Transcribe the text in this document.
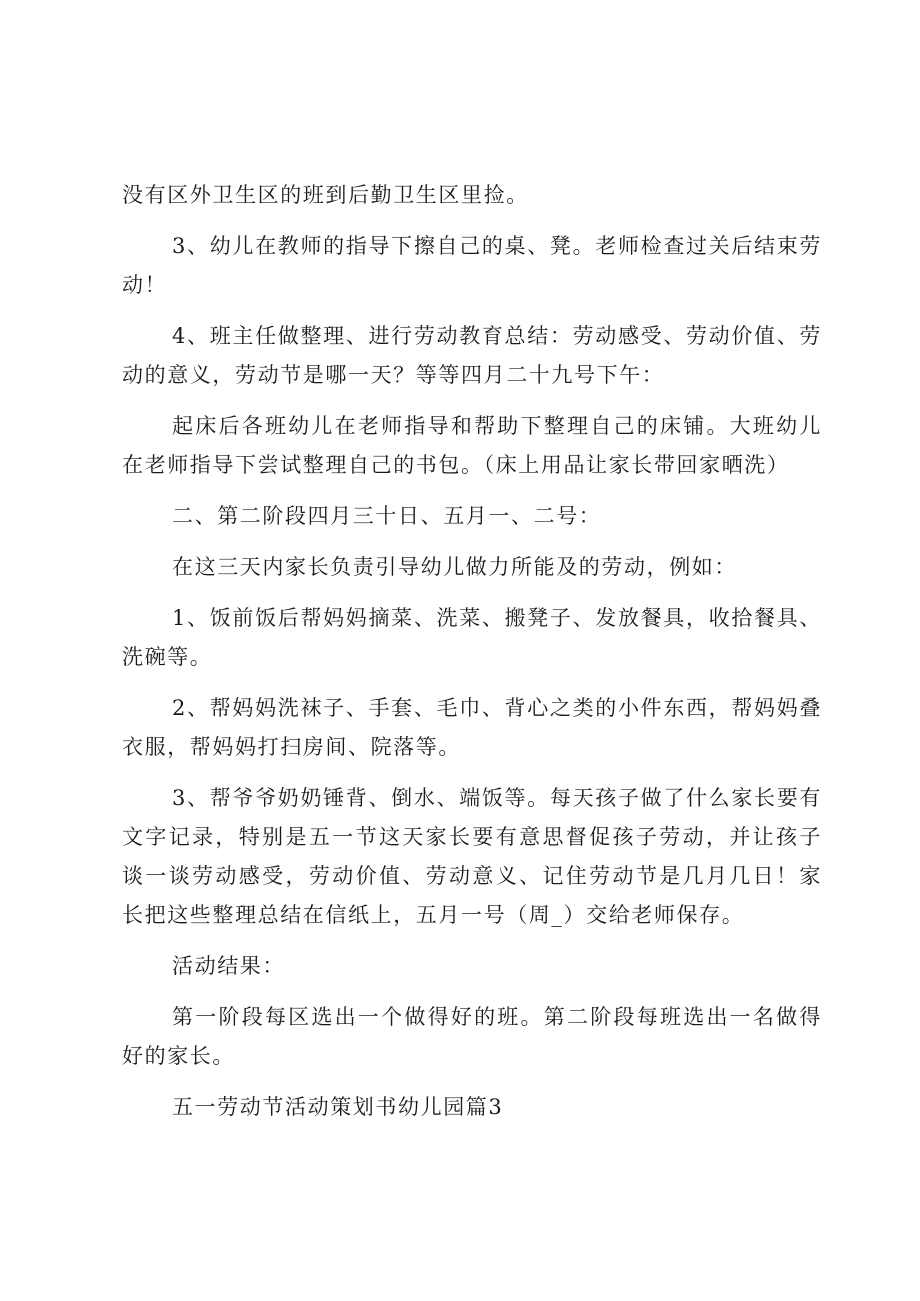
没有区外卫生区的班到后勤卫生区里捡。

3、幼儿在教师的指导下擦自己的桌、凳。老师检查过关后结束劳动！

4、班主任做整理、进行劳动教育总结：劳动感受、劳动价值、劳动的意义，劳动节是哪一天？等等四月二十九号下午：

起床后各班幼儿在老师指导和帮助下整理自己的床铺。大班幼儿在老师指导下尝试整理自己的书包。（床上用品让家长带回家晒洗）

二、第二阶段四月三十日、五月一、二号：

在这三天内家长负责引导幼儿做力所能及的劳动，例如：

1、饭前饭后帮妈妈摘菜、洗菜、搬凳子、发放餐具，收拾餐具、洗碗等。

2、帮妈妈洗袜子、手套、毛巾、背心之类的小件东西，帮妈妈叠衣服，帮妈妈打扫房间、院落等。

3、帮爷爷奶奶锤背、倒水、端饭等。每天孩子做了什么家长要有文字记录，特别是五一节这天家长要有意思督促孩子劳动，并让孩子谈一谈劳动感受，劳动价值、劳动意义、记住劳动节是几月几日！家长把这些整理总结在信纸上，五月一号（周_）交给老师保存。

活动结果：

第一阶段每区选出一个做得好的班。第二阶段每班选出一名做得好的家长。

五一劳动节活动策划书幼儿园篇3
